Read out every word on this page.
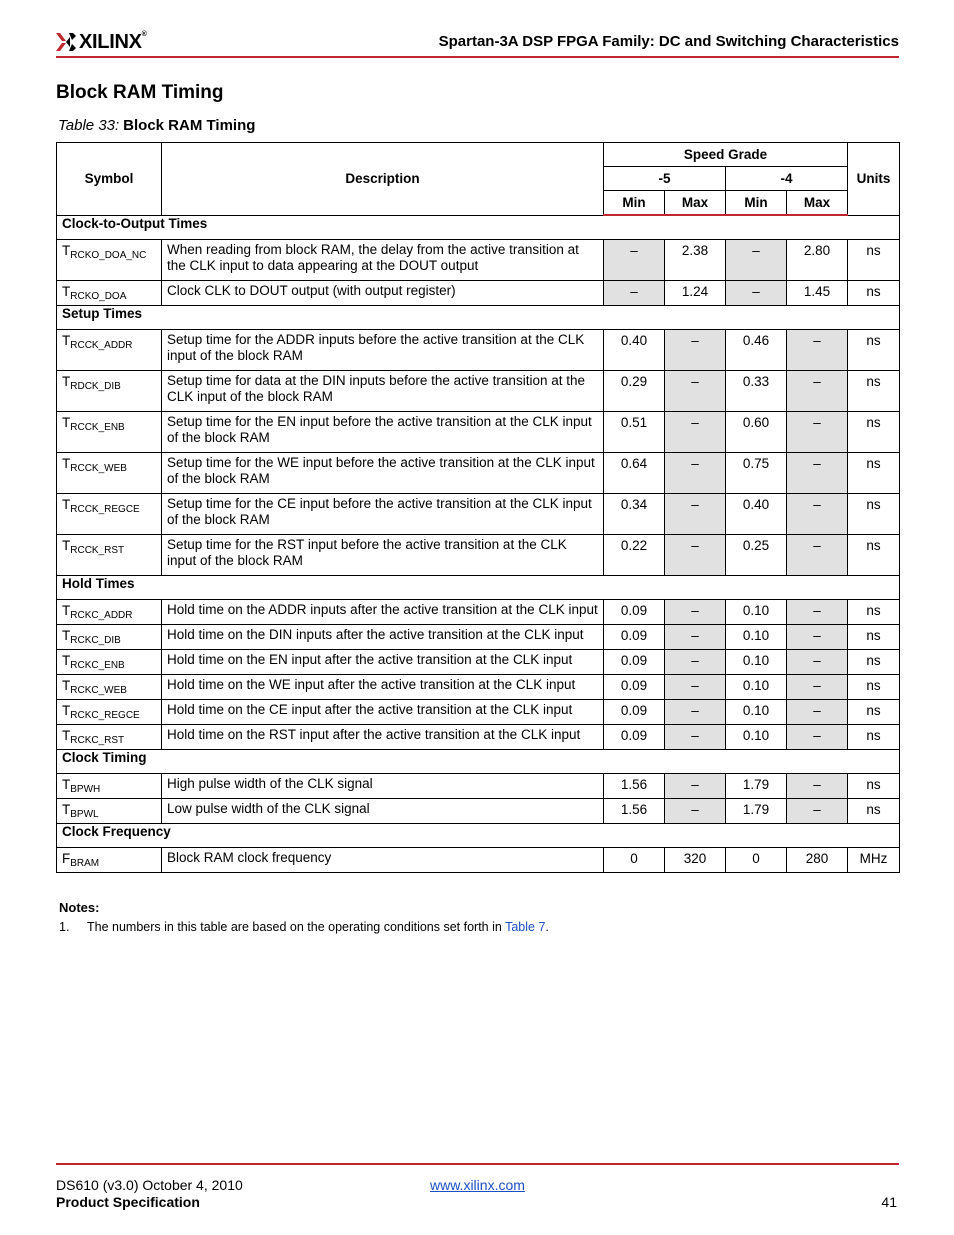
XILINX®	Spartan-3A DSP FPGA Family: DC and Switching Characteristics
Block RAM Timing
Table 33: Block RAM Timing
Symbol	Description	Speed Grade				Units
		-5		-4		
		Min	Max	Min	Max	
Clock-to-Output Times						
$T_{RCKO\_DOA\_NC}$	When reading from block RAM, the delay from the active transition at the CLK input to data appearing at the DOUT output	–	2.38	–	2.80	ns
$T_{RCKO\_DOA}$	Clock CLK to DOUT output (with output register)	–	1.24	–	1.45	ns
Setup Times						
$T_{RCCK\_ADDR}$	Setup time for the ADDR inputs before the active transition at the CLK input of the block RAM	0.40	–	0.46	–	ns
$T_{RDCK\_DIB}$	Setup time for data at the DIN inputs before the active transition at the CLK input of the block RAM	0.29	–	0.33	–	ns
$T_{RCCK\_ENB}$	Setup time for the EN input before the active transition at the CLK input of the block RAM	0.51	–	0.60	–	ns
$T_{RCCK\_WEB}$	Setup time for the WE input before the active transition at the CLK input of the block RAM	0.64	–	0.75	–	ns
$T_{RCCK\_REGCE}$	Setup time for the CE input before the active transition at the CLK input of the block RAM	0.34	–	0.40	–	ns
$T_{RCCK\_RST}$	Setup time for the RST input before the active transition at the CLK input of the block RAM	0.22	–	0.25	–	ns
Hold Times						
$T_{RCKC\_ADDR}$	Hold time on the ADDR inputs after the active transition at the CLK input	0.09	–	0.10	–	ns
$T_{RCKC\_DIB}$	Hold time on the DIN inputs after the active transition at the CLK input	0.09	–	0.10	–	ns
$T_{RCKC\_ENB}$	Hold time on the EN input after the active transition at the CLK input	0.09	–	0.10	–	ns
$T_{RCKC\_WEB}$	Hold time on the WE input after the active transition at the CLK input	0.09	–	0.10	–	ns
$T_{RCKC\_REGCE}$	Hold time on the CE input after the active transition at the CLK input	0.09	–	0.10	–	ns
$T_{RCKC\_RST}$	Hold time on the RST input after the active transition at the CLK input	0.09	–	0.10	–	ns
Clock Timing						
$T_{BPWH}$	High pulse width of the CLK signal	1.56	–	1.79	–	ns
$T_{BPWL}$	Low pulse width of the CLK signal	1.56	–	1.79	–	ns
Clock Frequency						
$F_{BRAM}$	Block RAM clock frequency	0	320	0	280	MHz
Notes:
1. The numbers in this table are based on the operating conditions set forth in Table 7.
DS610 (v3.0) October 4, 2010
Product Specification
www.xilinx.com
41
